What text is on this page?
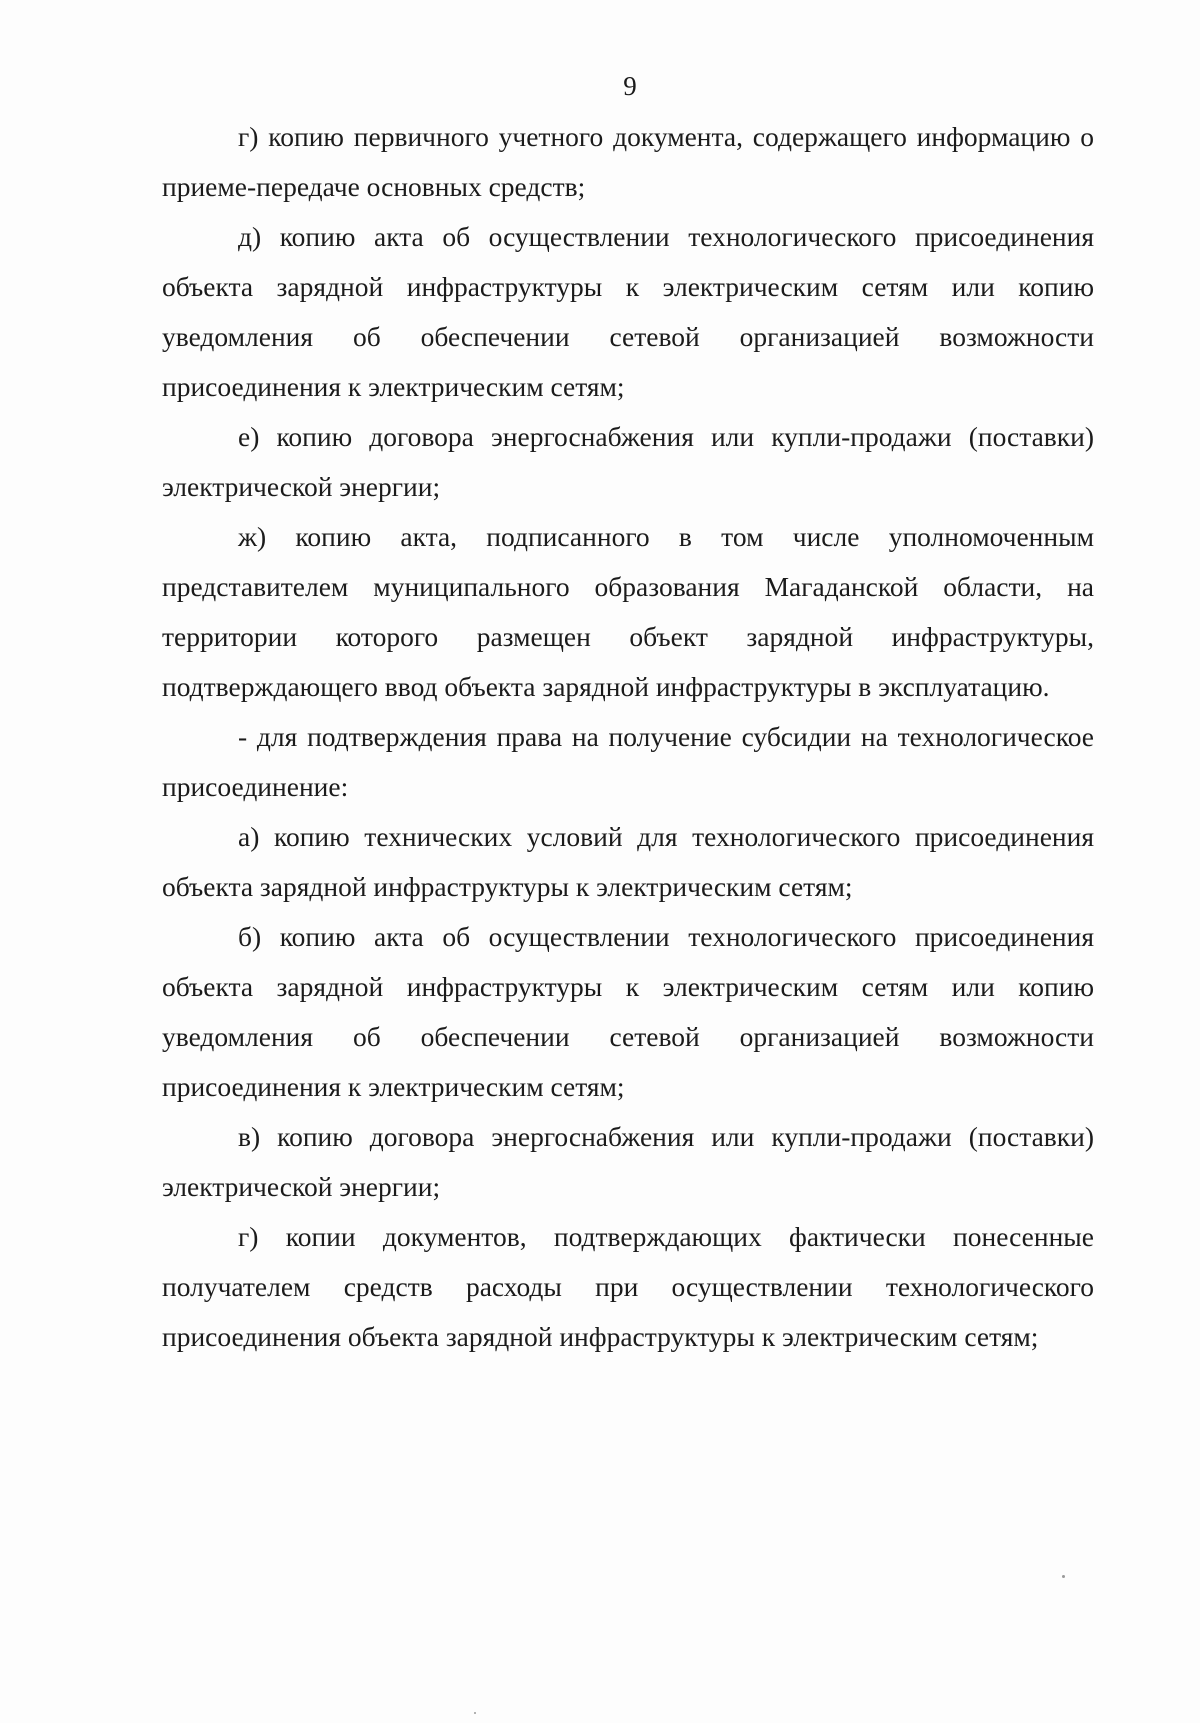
9

г) копию первичного учетного документа, содержащего информацию о приеме-передаче основных средств;

д) копию акта об осуществлении технологического присоединения объекта зарядной инфраструктуры к электрическим сетям или копию уведомления об обеспечении сетевой организацией возможности присоединения к электрическим сетям;

е) копию договора энергоснабжения или купли-продажи (поставки) электрической энергии;

ж) копию акта, подписанного в том числе уполномоченным представителем муниципального образования Магаданской области, на территории которого размещен объект зарядной инфраструктуры, подтверждающего ввод объекта зарядной инфраструктуры в эксплуатацию.

- для подтверждения права на получение субсидии на технологическое присоединение:

а) копию технических условий для технологического присоединения объекта зарядной инфраструктуры к электрическим сетям;

б) копию акта об осуществлении технологического присоединения объекта зарядной инфраструктуры к электрическим сетям или копию уведомления об обеспечении сетевой организацией возможности присоединения к электрическим сетям;

в) копию договора энергоснабжения или купли-продажи (поставки) электрической энергии;

г) копии документов, подтверждающих фактически понесенные получателем средств расходы при осуществлении технологического присоединения объекта зарядной инфраструктуры к электрическим сетям;
